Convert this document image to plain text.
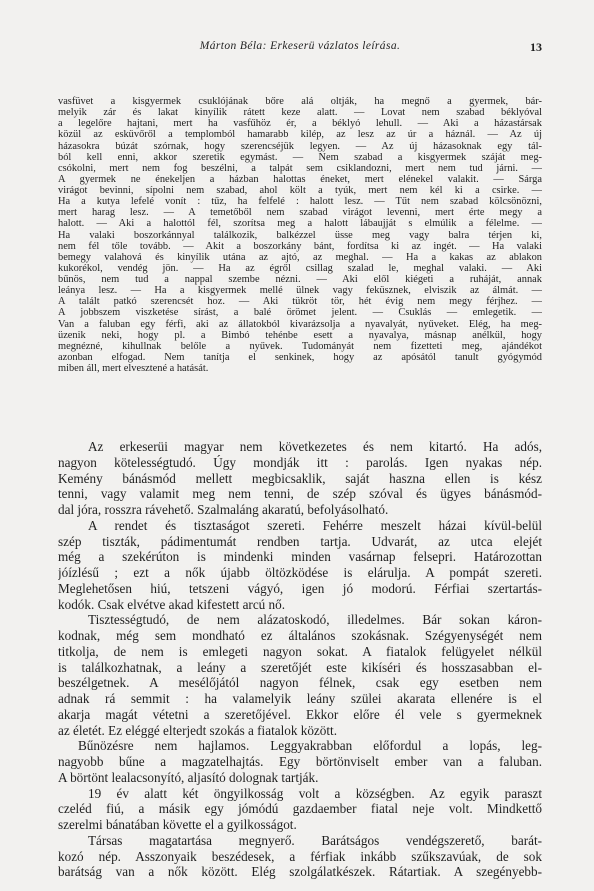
Márton Béla: Erkeserü vázlatos leírása.	13
vasfüvet a kisgyermek csuklójának bőre alá oltják, ha megnő a gyermek, bár-
melyik zár és lakat kinyílik rátett keze alatt. — Lovat nem szabad béklyóval
a legelőre hajtani, mert ha vasfűhöz ér, a béklyó lehull. — Aki a házastársak
közül az esküvőről a templomból hamarabb kilép, az lesz az úr a háznál. — Az új
házasokra búzát szórnak, hogy szerencséjük legyen. — Az új házasoknak egy tál-
ból kell enni, akkor szeretik egymást. — Nem szabad a kisgyermek száját meg-
csókolni, mert nem fog beszélni, a talpát sem csiklandozni, mert nem tud járni. —
A gyermek ne énekeljen a házban halottas éneket, mert elénekel valakit. — Sárga
virágot bevinni, sípolni nem szabad, ahol költ a tyúk, mert nem kél ki a csirke. —
Ha a kutya lefelé vonít : tűz, ha felfelé : halott lesz. — Tűt nem szabad kölcsönözni,
mert harag lesz. — A temetőből nem szabad virágot levenni, mert érte megy a
halott. — Aki a halottól fél, szorítsa meg a halott lábaujját s elmúlik a félelme. —
Ha valaki boszorkánnyal találkozik, balkézzel üsse meg vagy balra térjen ki,
nem fél tőle tovább. — Akit a boszorkány bánt, fordítsa ki az ingét. — Ha valaki
bemegy valahová és kinyílik utána az ajtó, az meghal. — Ha a kakas az ablakon
kukorékol, vendég jön. — Ha az égről csillag szalad le, meghal valaki. — Aki
bűnös, nem tud a nappal szembe nézni. — Aki elől kiégeti a ruháját, annak
leánya lesz. — Ha a kisgyermek mellé ülnek vagy feküsznek, elviszik az álmát. —
A talált patkó szerencsét hoz. — Aki tükröt tör, hét évig nem megy férjhez. —
A jobbszem viszketése sírást, a balé örömet jelent. — Csuklás — emlegetik. —
Van a faluban egy férfi, aki az állatokból kivarázsolja a nyavalyát, nyűveket. Elég, ha meg-
üzenik neki, hogy pl. a Bimbó tehénbe esett a nyavalya, másnap anélkül, hogy
megnézné, kihullnak belőle a nyűvek. Tudományát nem fizetteti meg, ajándékot
azonban elfogad. Nem tanítja el senkinek, hogy az apósától tanult gyógymód
miben áll, mert elvesztené a hatását.
Az erkeserüi magyar nem következetes és nem kitartó. Ha adós,
nagyon kötelességtudó. Úgy mondják itt : parolás. Igen nyakas nép.
Kemény bánásmód mellett megbicsaklik, saját haszna ellen is kész
tenni, vagy valamit meg nem tenni, de szép szóval és ügyes bánásmód-
dal jóra, rosszra rávehető. Szalmaláng akaratú, befolyásolható.
A rendet és tisztaságot szereti. Fehérre meszelt házai kívül-belül
szép tiszták, pádimentumát rendben tartja. Udvarát, az utca elejét
még a szekérúton is mindenki minden vasárnap felsepri. Határozottan
jóízlésű ; ezt a nők újabb öltözködése is elárulja. A pompát szereti.
Meglehetősen hiú, tetszeni vágyó, igen jó modorú. Férfiai szertartás-
kodók. Csak elvétve akad kifestett arcú nő.
Tisztességtudó, de nem alázatoskodó, illedelmes. Bár sokan káron-
kodnak, még sem mondható ez általános szokásnak. Szégyenységét nem
titkolja, de nem is emlegeti nagyon sokat. A fiatalok felügyelet nélkül
is találkozhatnak, a leány a szeretőjét este kikíséri és hosszasabban el-
beszélgetnek. A mesélőjától nagyon félnek, csak egy esetben nem
adnak rá semmit : ha valamelyik leány szülei akarata ellenére is el
akarja magát vétetni a szeretőjével. Ekkor előre él vele s gyermeknek
az életét. Ez eléggé elterjedt szokás a fiatalok között.
Bűnözésre nem hajlamos. Leggyakrabban előfordul a lopás, leg-
nagyobb bűne a magzatelhajtás. Egy börtönviselt ember van a faluban.
A börtönt lealacsonyító, aljasító dolognak tartják.
19 év alatt két öngyilkosság volt a községben. Az egyik paraszt
czeléd fiú, a másik egy jómódú gazdaember fiatal neje volt. Mindkettő
szerelmi bánatában követte el a gyilkosságot.
Társas magatartása megnyerő. Barátságos vendégszerető, barát-
kozó nép. Asszonyaik beszédesek, a férfiak inkább szűkszavúak, de sok
barátság van a nők között. Elég szolgálatkészek. Rátartiak. A szegényebb-
